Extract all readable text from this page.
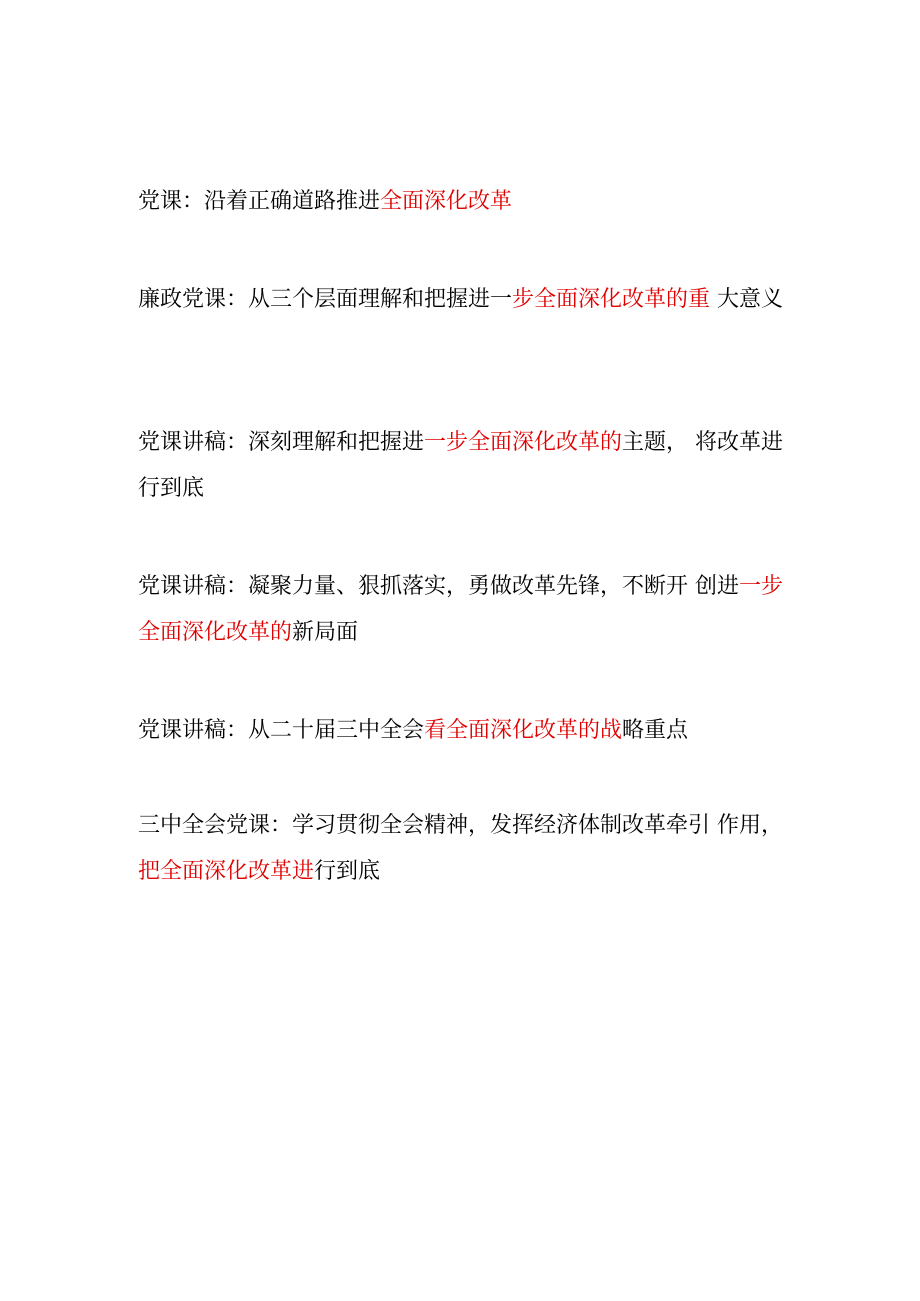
党课：沿着正确道路推进全面深化改革

廉政党课：从三个层面理解和把握进一步全面深化改革的重 大意义

党课讲稿：深刻理解和把握进一步全面深化改革的主题， 将改革进行到底

党课讲稿：凝聚力量、狠抓落实，勇做改革先锋，不断开 创进一步全面深化改革的新局面

党课讲稿：从二十届三中全会看全面深化改革的战略重点

三中全会党课：学习贯彻全会精神，发挥经济体制改革牵引 作用，把全面深化改革进行到底
